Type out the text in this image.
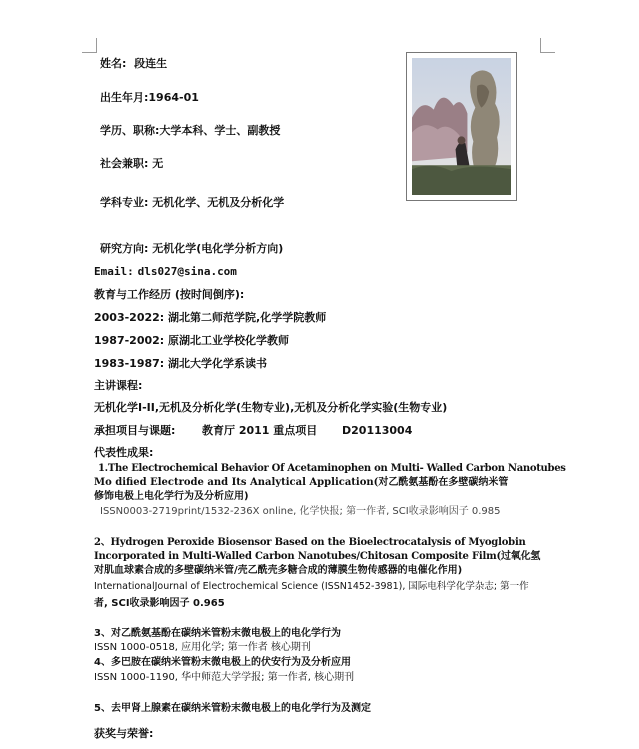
姓名: 段连生
出生年月:1964-01
学历、职称:大学本科、学士、副教授
社会兼职: 无
学科专业: 无机化学、无机及分析化学
研究方向: 无机化学(电化学分析方向)
Email: dls027@sina.com
教育与工作经历 (按时间倒序):
2003-2022: 湖北第二师范学院,化学学院教师
1987-2002: 原湖北工业学校化学教师
1983-1987: 湖北大学化学系读书
主讲课程:
无机化学I-II,无机及分析化学(生物专业),无机及分析化学实验(生物专业)
承担项目与课题: 教育厅 2011 重点项目 D20113004
代表性成果:
1.The Electrochemical Behavior Of Acetaminophen on Multi- Walled Carbon Nanotubes
Mo dified Electrode and Its Analytical Application(对乙酰氨基酚在多壁碳纳米管
修饰电极上电化学行为及分析应用)
ISSN0003-2719print/1532-236X online, 化学快报; 第一作者, SCI收录影响因子 0.985
2、Hydrogen Peroxide Biosensor Based on the Bioelectrocatalysis of Myoglobin
Incorporated in Multi-Walled Carbon Nanotubes/Chitosan Composite Film(过氧化氢
对肌血球素合成的多壁碳纳米管/壳乙酰壳多糖合成的薄膜生物传感器的电催化作用)
InternationalJournal of Electrochemical Science (ISSN1452-3981), 国际电科学化学杂志; 第一作
者, SCI收录影响因子 0.965
3、对乙酰氨基酚在碳纳米管粉末微电极上的电化学行为
ISSN 1000-0518, 应用化学; 第一作者 核心期刊
4、多巴胺在碳纳米管粉末微电极上的伏安行为及分析应用
ISSN 1000-1190, 华中师范大学学报; 第一作者, 核心期刊
5、去甲肾上腺素在碳纳米管粉末微电极上的电化学行为及测定
获奖与荣誉:
